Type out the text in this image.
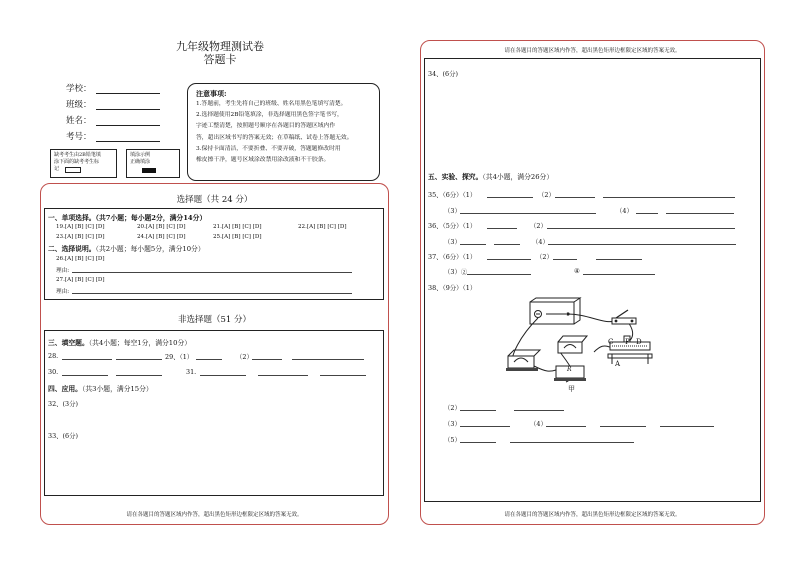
九年级物理测试卷
答题卡
学校：
班级：
姓名：
考号：
注意事项:
1.答题前，考生先将自己的班级、姓名用黑色笔填写清楚。
2.选择题使用2B铅笔填涂，非选择题用黑色签字笔书写，
字迹工整清楚，按照题号顺序在各题目的答题区域内作
答，超出区域书写的答案无效；在草稿纸、试卷上答题无效。
3.保持卡面清洁，不要折叠、不要弄破，答题题修改时用
橡皮擦干净，题号区域涂改禁用涂改液和不干胶条。
缺考考生由2B铅笔填
涂下面的缺考考生标
记
填涂示例
正确填涂
选择题（共 24 分）
一、单项选择。（共7小题；每小题2分，满分14分）
19.[A] [B] [C] [D]	20.[A] [B] [C] [D]	21.[A] [B] [C] [D]	22.[A] [B] [C] [D]
23.[A] [B] [C] [D]	24.[A] [B] [C] [D]	25.[A] [B] [C] [D]
二、选择说明。（共2小题；每小题5分，满分10分）
26.[A] [B] [C] [D]
理由:
27.[A] [B] [C] [D]
理由:
非选择题（51 分）
三、填空题。（共4小题；每空1分，满分10分）
28.	29、（1）	（2）
30.	31.
四、应用。（共3小题，满分15分）
32、(3分)
33、(6分)
请在各题目的答题区域内作答，超出黑色矩形边框限定区域的答案无效。
请在各题目的答题区域内作答，超出黑色矩形边框限定区域的答案无效。
34、(6分)
五、实验、探究。（共4小题，满分26分）
35、（6分）（1）	（2）
（3）	（4）
36、（5分）（1）	（2）
（3）	（4）
37、（6分）（1）	（2）
（3）②	④
38、（9分）（1）
C P D
A
R
甲
（2）
（3）	（4）
（5）
请在各题目的答题区域内作答，超出黑色矩形边框限定区域的答案无效。
